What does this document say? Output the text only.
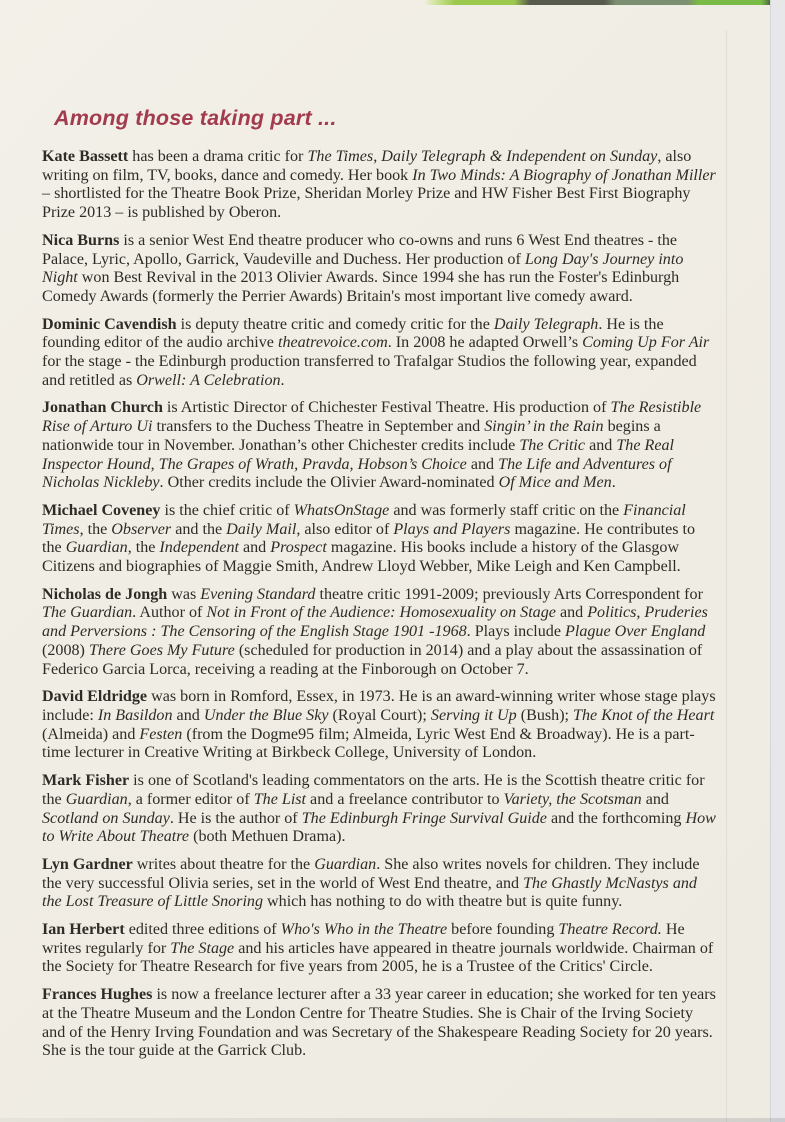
Among those taking part ...

Kate Bassett has been a drama critic for The Times, Daily Telegraph & Independent on Sunday, also writing on film, TV, books, dance and comedy. Her book In Two Minds: A Biography of Jonathan Miller – shortlisted for the Theatre Book Prize, Sheridan Morley Prize and HW Fisher Best First Biography Prize 2013 – is published by Oberon.

Nica Burns is a senior West End theatre producer who co-owns and runs 6 West End theatres - the Palace, Lyric, Apollo, Garrick, Vaudeville and Duchess. Her production of Long Day's Journey into Night won Best Revival in the 2013 Olivier Awards. Since 1994 she has run the Foster's Edinburgh Comedy Awards (formerly the Perrier Awards) Britain's most important live comedy award.

Dominic Cavendish is deputy theatre critic and comedy critic for the Daily Telegraph. He is the founding editor of the audio archive theatrevoice.com. In 2008 he adapted Orwell’s Coming Up For Air for the stage - the Edinburgh production transferred to Trafalgar Studios the following year, expanded and retitled as Orwell: A Celebration.

Jonathan Church is Artistic Director of Chichester Festival Theatre. His production of The Resistible Rise of Arturo Ui transfers to the Duchess Theatre in September and Singin’ in the Rain begins a nationwide tour in November. Jonathan’s other Chichester credits include The Critic and The Real Inspector Hound, The Grapes of Wrath, Pravda, Hobson’s Choice and The Life and Adventures of Nicholas Nickleby. Other credits include the Olivier Award-nominated Of Mice and Men.

Michael Coveney is the chief critic of WhatsOnStage and was formerly staff critic on the Financial Times, the Observer and the Daily Mail, also editor of Plays and Players magazine. He contributes to the Guardian, the Independent and Prospect magazine. His books include a history of the Glasgow Citizens and biographies of Maggie Smith, Andrew Lloyd Webber, Mike Leigh and Ken Campbell.

Nicholas de Jongh was Evening Standard theatre critic 1991-2009; previously Arts Correspondent for The Guardian. Author of Not in Front of the Audience: Homosexuality on Stage and Politics, Pruderies and Perversions : The Censoring of the English Stage 1901 -1968. Plays include Plague Over England (2008) There Goes My Future (scheduled for production in 2014) and a play about the assassination of Federico Garcia Lorca, receiving a reading at the Finborough on October 7.

David Eldridge was born in Romford, Essex, in 1973. He is an award-winning writer whose stage plays include: In Basildon and Under the Blue Sky (Royal Court); Serving it Up (Bush); The Knot of the Heart (Almeida) and Festen (from the Dogme95 film; Almeida, Lyric West End & Broadway). He is a part-time lecturer in Creative Writing at Birkbeck College, University of London.

Mark Fisher is one of Scotland's leading commentators on the arts. He is the Scottish theatre critic for the Guardian, a former editor of The List and a freelance contributor to Variety, the Scotsman and Scotland on Sunday. He is the author of The Edinburgh Fringe Survival Guide and the forthcoming How to Write About Theatre (both Methuen Drama).

Lyn Gardner writes about theatre for the Guardian. She also writes novels for children. They include the very successful Olivia series, set in the world of West End theatre, and The Ghastly McNastys and the Lost Treasure of Little Snoring which has nothing to do with theatre but is quite funny.

Ian Herbert edited three editions of Who's Who in the Theatre before founding Theatre Record. He writes regularly for The Stage and his articles have appeared in theatre journals worldwide. Chairman of the Society for Theatre Research for five years from 2005, he is a Trustee of the Critics' Circle.

Frances Hughes is now a freelance lecturer after a 33 year career in education; she worked for ten years at the Theatre Museum and the London Centre for Theatre Studies. She is Chair of the Irving Society and of the Henry Irving Foundation and was Secretary of the Shakespeare Reading Society for 20 years. She is the tour guide at the Garrick Club.
